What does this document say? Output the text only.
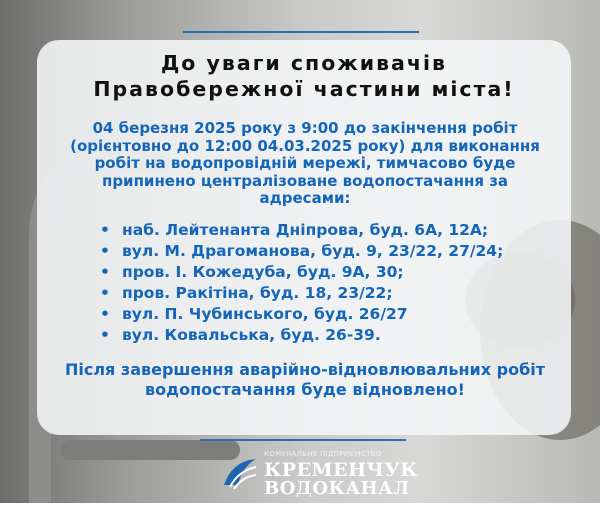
До уваги споживачів
Правобережної частини міста!
04 березня 2025 року з 9:00 до закінчення робіт
(орієнтовно до 12:00 04.03.2025 року) для виконання
робіт на водопровідній мережі, тимчасово буде
припинено централізоване водопостачання за
адресами:
• наб. Лейтенанта Дніпрова, буд. 6А, 12А;
• вул. М. Драгоманова, буд. 9, 23/22, 27/24;
• пров. І. Кожедуба, буд. 9А, 30;
• пров. Ракітіна, буд. 18, 23/22;
• вул. П. Чубинського, буд. 26/27
• вул. Ковальська, буд. 26-39.
Після завершення аварійно-відновлювальних робіт
водопостачання буде відновлено!
КОМУНАЛЬНЕ ПІДПРИЄМСТВО
КРЕМЕНЧУК
ВОДОКАНАЛ
